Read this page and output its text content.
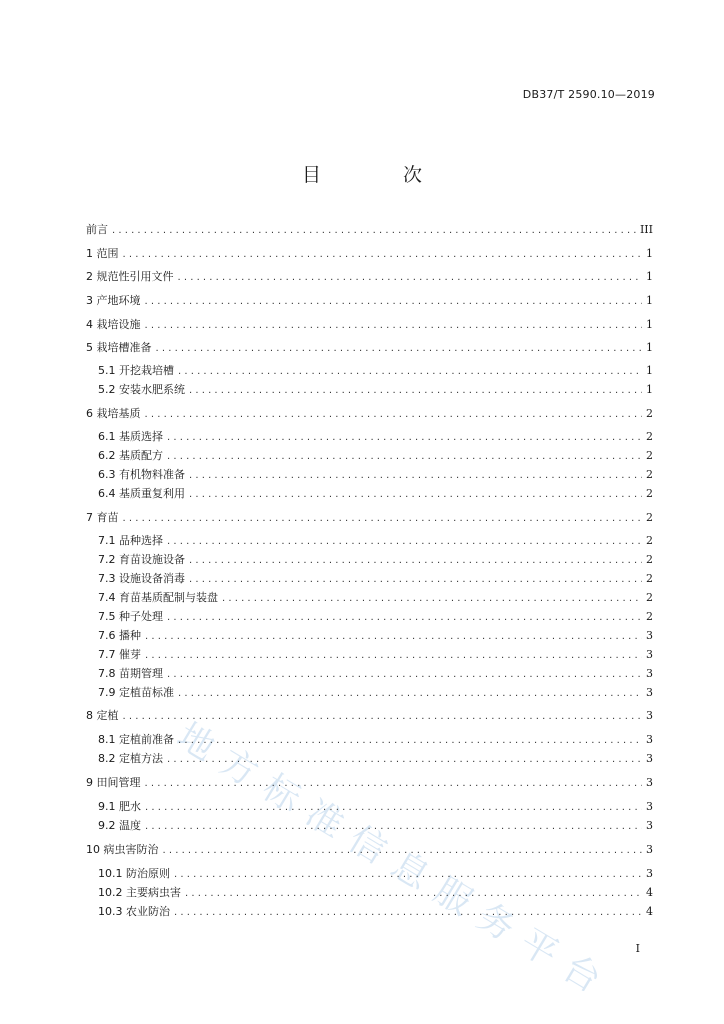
DB37/T 2590.10—2019
目 次
地方标准信息服务平台
前言 . . .	III
1 范围 . . .	1
2 规范性引用文件 . . .	1
3 产地环境 . . .	1
4 栽培设施 . . .	1
5 栽培槽准备 . . .	1
5.1 开挖栽培槽 . . .	1
5.2 安装水肥系统 . . .	1
6 栽培基质 . . .	2
6.1 基质选择 . . .	2
6.2 基质配方 . . .	2
6.3 有机物料准备 . . .	2
6.4 基质重复利用 . . .	2
7 育苗 . . .	2
7.1 品种选择 . . .	2
7.2 育苗设施设备 . . .	2
7.3 设施设备消毒 . . .	2
7.4 育苗基质配制与装盘 . . .	2
7.5 种子处理 . . .	2
7.6 播种 . . .	3
7.7 催芽 . . .	3
7.8 苗期管理 . . .	3
7.9 定植苗标准 . . .	3
8 定植 . . .	3
8.1 定植前准备 . . .	3
8.2 定植方法 . . .	3
9 田间管理 . . .	3
9.1 肥水 . . .	3
9.2 温度 . . .	3
10 病虫害防治 . . .	3
10.1 防治原则 . . .	3
10.2 主要病虫害 . . .	4
10.3 农业防治 . . .	4
I
